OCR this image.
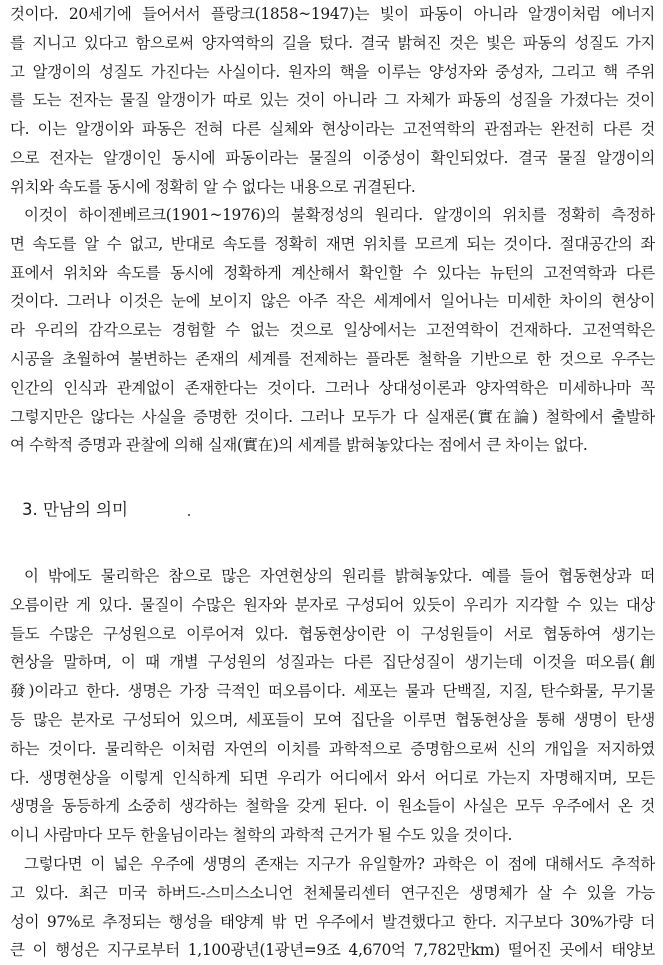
것이다. 20세기에 들어서서 플랑크(1858~1947)는 빛이 파동이 아니라 알갱이처럼 에너지
를 지니고 있다고 함으로써 양자역학의 길을 텄다. 결국 밝혀진 것은 빛은 파동의 성질도 가지
고 알갱이의 성질도 가진다는 사실이다. 원자의 핵을 이루는 양성자와 중성자, 그리고 핵 주위
를 도는 전자는 물질 알갱이가 따로 있는 것이 아니라 그 자체가 파동의 성질을 가졌다는 것이
다. 이는 알갱이와 파동은 전혀 다른 실체와 현상이라는 고전역학의 관점과는 완전히 다른 것
으로 전자는 알갱이인 동시에 파동이라는 물질의 이중성이 확인되었다. 결국 물질 알갱이의
위치와 속도를 동시에 정확히 알 수 없다는 내용으로 귀결된다.
이것이 하이젠베르크(1901~1976)의 불확정성의 원리다. 알갱이의 위치를 정확히 측정하
면 속도를 알 수 없고, 반대로 속도를 정확히 재면 위치를 모르게 되는 것이다. 절대공간의 좌
표에서 위치와 속도를 동시에 정확하게 계산해서 확인할 수 있다는 뉴턴의 고전역학과 다른
것이다. 그러나 이것은 눈에 보이지 않은 아주 작은 세계에서 일어나는 미세한 차이의 현상이
라 우리의 감각으로는 경험할 수 없는 것으로 일상에서는 고전역학이 건재하다. 고전역학은
시공을 초월하여 불변하는 존재의 세계를 전제하는 플라톤 철학을 기반으로 한 것으로 우주는
인간의 인식과 관계없이 존재한다는 것이다. 그러나 상대성이론과 양자역학은 미세하나마 꼭
그렇지만은 않다는 사실을 증명한 것이다. 그러나 모두가 다 실재론(實在論) 철학에서 출발하
여 수학적 증명과 관찰에 의해 실재(實在)의 세계를 밝혀놓았다는 점에서 큰 차이는 없다.
3. 만남의 의미
이 밖에도 물리학은 참으로 많은 자연현상의 원리를 밝혀놓았다. 예를 들어 협동현상과 떠
오름이란 게 있다. 물질이 수많은 원자와 분자로 구성되어 있듯이 우리가 지각할 수 있는 대상
들도 수많은 구성원으로 이루어져 있다. 협동현상이란 이 구성원들이 서로 협동하여 생기는
현상을 말하며, 이 때 개별 구성원의 성질과는 다른 집단성질이 생기는데 이것을 떠오름(創
發)이라고 한다. 생명은 가장 극적인 떠오름이다. 세포는 물과 단백질, 지질, 탄수화물, 무기물
등 많은 분자로 구성되어 있으며, 세포들이 모여 집단을 이루면 협동현상을 통해 생명이 탄생
하는 것이다. 물리학은 이처럼 자연의 이치를 과학적으로 증명함으로써 신의 개입을 저지하였
다. 생명현상을 이렇게 인식하게 되면 우리가 어디에서 와서 어디로 가는지 자명해지며, 모든
생명을 동등하게 소중히 생각하는 철학을 갖게 된다. 이 원소들이 사실은 모두 우주에서 온 것
이니 사람마다 모두 한울님이라는 철학의 과학적 근거가 될 수도 있을 것이다.
그렇다면 이 넓은 우주에 생명의 존재는 지구가 유일할까? 과학은 이 점에 대해서도 추적하
고 있다. 최근 미국 하버드-스미스소니언 천체물리센터 연구진은 생명체가 살 수 있을 가능
성이 97%로 추정되는 행성을 태양계 밖 먼 우주에서 발견했다고 한다. 지구보다 30%가량 더
큰 이 행성은 지구로부터 1,100광년(1광년=9조 4,670억 7,782만km) 떨어진 곳에서 태양보
